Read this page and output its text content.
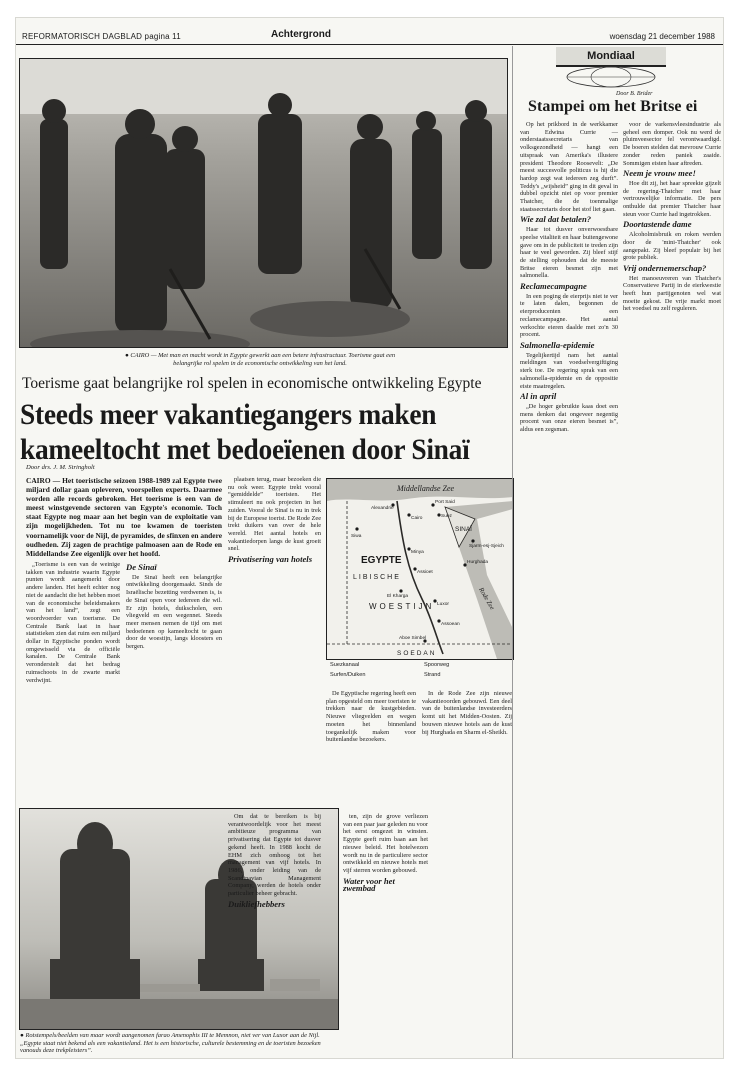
REFORMATORISCH DAGBLAD pagina 11	Achtergrond	woensdag 21 december 1988
● CAIRO — Met man en macht wordt in Egypte gewerkt aan een betere infrastructuur. Toerisme gaat een belangrijke rol spelen in de economische ontwikkeling van het land.
Toerisme gaat belangrijke rol spelen in economische ontwikkeling Egypte
Steeds meer vakantiegangers maken
kameeltocht met bedoeïenen door Sinaï
Door drs. J. M. Stringholt
CAIRO — Het toeristische seizoen 1988-1989 zal Egypte twee miljard dollar gaan opleveren, voorspellen experts. Daarmee worden alle records gebroken. Het toerisme is een van de meest winstgevende sectoren van Egypte's economie. Toch staat Egypte nog maar aan het begin van de exploitatie van zijn mogelijkheden. Tot nu toe kwamen de toeristen voornamelijk voor de Nijl, de pyramides, de sfinxen en andere oudheden. Zij zagen de prachtige palmoasen aan de Rode en Middellandse Zee eigenlijk over het hoofd.

„Toerisme is een van de weinige takken van industrie waarin Egypte punten wordt aangemerkt door andere landen. Het heeft echter nog niet de aandacht die het hebben moet van de economische beleidsmakers van het land”, zegt een woordvoerder van toerisme. De Centrale Bank laat in haar statistieken zien dat ruim een miljard dollar in Egyptische ponden wordt omgewisseld via de officiële kanalen. De Centrale Bank veronderstelt dat het bedrag ruimschoots in de zwarte markt verdwijnt.

De Sinaï

De Sinaï heeft een belangrijke ontwikkeling doorgemaakt. Sinds de Israëlische bezetting verdwenen is, is de Sinaï open voor iedereen die wil. Er zijn hotels, duikscholen, een vliegveld en een wegennet. Steeds meer mensen nemen de tijd om met bedoeïenen op kameeltocht te gaan door de woestijn, langs kloosters en bergen.

plaatsen terug, maar bezoeken die nu ook weer. Egypte trekt vooral “gemiddelde” toeristen. Het stimuleert nu ook projecten in het zuiden. Vooral de Sinaï is nu in trek bij de Europese toerist. De Rode Zee trekt duikers van over de hele wereld. Het aantal hotels en vakantiedorpen langs de kust groeit snel.

Privatisering van hotels
Middellandse Zee
EGYPTE
LIBISCHE
WOESTIJN
SINAÏ
Rode Zee
SOEDAN
Alexandrië
Cairo	Suez
Port Said
Siwa
Minya
Assioet
El Kharga
Luxor
Assoean
Aboe Simbel
Hurghada
Sjarm-esj-Sjeich
Suezkanaal	Spoorweg
Surfen/Duiken	Strand

De Egyptische regering heeft een plan opgesteld om meer toeristen te trekken naar de kustgebieden. Nieuwe vliegvelden en wegen moeten het binnenland toegankelijk maken voor buitenlandse bezoekers.

In de Rode Zee zijn nieuwe vakantieoorden gebouwd. Een deel van de buitenlandse investeerders komt uit het Midden-Oosten. Zij bouwen nieuwe hotels aan de kust bij Hurghada en Sharm el-Sheikh.

● Rotstempels/beelden van maar wordt aangenomen farao Amenophis III te Memnon, niet ver van Luxor aan de Nijl. „Egypte staat niet bekend als een vakantieland. Het is een historische, culturele bestemming en de toeristen bezoeken vanouds deze trekpleisters”.

Om dat te bereiken is bij verantwoordelijk voor het meest ambitieuze programma van privatisering dat Egypte tot dusver gekend heeft. In 1988 kocht de EHM zich omhoog tot het management van vijf hotels. In 1986, onder leiding van de Scandinavian Management Company, werden de hotels onder particulier beheer gebracht.

Duikliefhebbers

ten, zijn de grove verliezen van een paar jaar geleden nu voor het eerst omgezet in winsten. Egypte geeft ruim baan aan het nieuwe beleid. Het hotelwezen wordt nu in de particuliere sector ontwikkeld en nieuwe hotels met vijf sterren worden gebouwd.

Water voor het zwembad
Mondiaal
Door B. Brider
Stampei om het Britse ei

Op het prikbord in de werkkamer van Edwina Currie — onderstaatssecretaris van volksgezondheid — hangt een uitspraak van Amerika's illustere president Theodore Roosevelt: „De meest succesvolle politicus is hij die hardop zegt wat iedereen zeg durft”. Teddy's „wijsheid” ging in dit geval in dubbel opzicht niet op voor premier Thatcher, die de toenmalige staatssecretaris door het stof liet gaan.

Wie zal dat betalen?

Haar tot dusver onverwoestbare speelse vitaliteit en haar buitengewone gave om in de publiciteit te treden zijn haar te veel geworden. Zij bleef stijf de stelling ophouden dat de meeste Britse eieren besmet zijn met salmonella.

Reclamecampagne

In een poging de eierprijs niet te ver te laten dalen, begonnen de eierproducenten een reclamecampagne. Het aantal verkochte eieren daalde met zo'n 30 procent.

Salmonella-epidemie

Tegelijkertijd nam het aantal meldingen van voedselvergiftiging sterk toe. De regering sprak van een salmonella-epidemie en de oppositie eiste maatregelen.

Al in april

„De hoger gebruikte kaas doet een mens denken dat ongeveer negentig procent van onze eieren besmet is”, aldus een zegsman.

voor de varkensvleesindustrie als geheel een domper. Ook nu werd de pluimveesector fel verontwaardigd. De boeren stelden dat mevrouw Currie zonder reden paniek zaaide. Sommigen eisten haar aftreden.

Neem je vrouw mee!

Hoe dit zij, het haar spreekte gijzelt de regering-Thatcher met haar vertrouwelijke informatie. De pers onthulde dat premier Thatcher haar steun voor Currie had ingetrokken.

Doortastende dame

Alcoholmisbruik en roken werden door de 'mini-Thatcher' ook aangepakt. Zij bleef populair bij het grote publiek.

Vrij ondernemerschap?

Het manoeuvreren van Thatcher's Conservatieve Partij in de eierkwestie heeft hun partijgenoten wel wat moeite gekost. De vrije markt moet het voedsel nu zelf reguleren.
